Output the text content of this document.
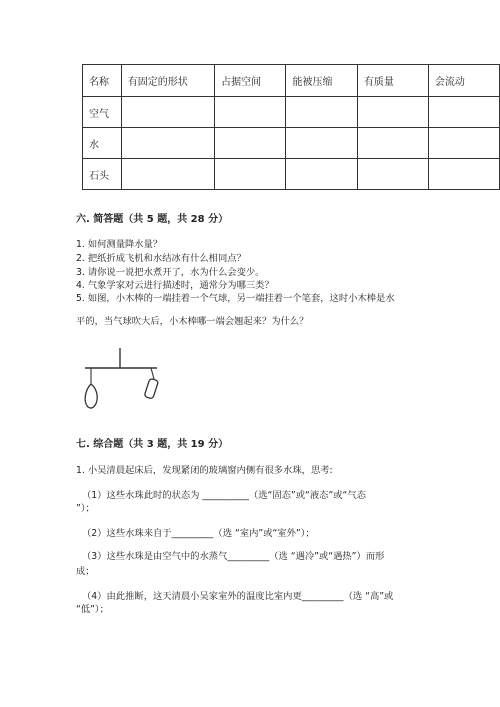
名称	有固定的形状	占据空间	能被压缩	有质量	会流动
空气					
水					
石头					
六. 简答题（共 5 题，共 28 分）
1. 如何测量降水量？
2. 把纸折成飞机和水结冰有什么相同点？
3. 请你说一说把水煮开了，水为什么会变少。
4. 气象学家对云进行描述时，通常分为哪三类？
5. 如图，小木棒的一端挂着一个气球，另一端挂着一个笔套，这时小木棒是水
平的，当气球吹大后，小木棒哪一端会翘起来？为什么？
七. 综合题（共 3 题，共 19 分）
1. 小吴清晨起床后，发现紧闭的玻璃窗内侧有很多水珠，思考:
（1）这些水珠此时的状态为 __________（选“固态”或“液态”或“气态
”）；
（2）这些水珠来自于_________（选 “室内”或“室外”）；
（3）这些水珠是由空气中的水蒸气_________（选 “遇冷”或“遇热”）而形
成；
（4）由此推断，这天清晨小吴家室外的温度比室内更_________（选 “高”或
“低”）；
